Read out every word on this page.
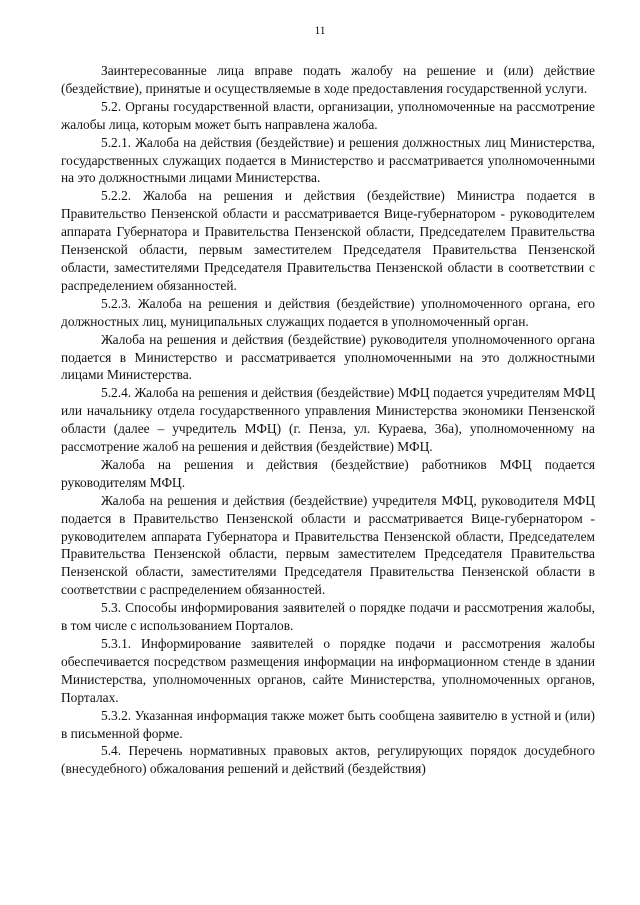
11

Заинтересованные лица вправе подать жалобу на решение и (или) действие (бездействие), принятые и осуществляемые в ходе предоставления государственной услуги.

5.2. Органы государственной власти, организации, уполномоченные на рассмотрение жалобы лица, которым может быть направлена жалоба.

5.2.1. Жалоба на действия (бездействие) и решения должностных лиц Министерства, государственных служащих подается в Министерство и рассматривается уполномоченными на это должностными лицами Министерства.

5.2.2. Жалоба на решения и действия (бездействие) Министра подается в Правительство Пензенской области и рассматривается Вице-губернатором - руководителем аппарата Губернатора и Правительства Пензенской области, Председателем Правительства Пензенской области, первым заместителем Председателя Правительства Пензенской области, заместителями Председателя Правительства Пензенской области в соответствии с распределением обязанностей.

5.2.3. Жалоба на решения и действия (бездействие) уполномоченного органа, его должностных лиц, муниципальных служащих подается в уполномоченный орган.

Жалоба на решения и действия (бездействие) руководителя уполномоченного органа подается в Министерство и рассматривается уполномоченными на это должностными лицами Министерства.

5.2.4. Жалоба на решения и действия (бездействие) МФЦ подается учредителям МФЦ или начальнику отдела государственного управления Министерства экономики Пензенской области (далее – учредитель МФЦ) (г. Пенза, ул. Кураева, 36а), уполномоченному на рассмотрение жалоб на решения и действия (бездействие) МФЦ.

Жалоба на решения и действия (бездействие) работников МФЦ подается руководителям МФЦ.

Жалоба на решения и действия (бездействие) учредителя МФЦ, руководителя МФЦ подается в Правительство Пензенской области и рассматривается Вице-губернатором - руководителем аппарата Губернатора и Правительства Пензенской области, Председателем Правительства Пензенской области, первым заместителем Председателя Правительства Пензенской области, заместителями Председателя Правительства Пензенской области в соответствии с распределением обязанностей.

5.3. Способы информирования заявителей о порядке подачи и рассмотрения жалобы, в том числе с использованием Порталов.

5.3.1. Информирование заявителей о порядке подачи и рассмотрения жалобы обеспечивается посредством размещения информации на информационном стенде в здании Министерства, уполномоченных органов, сайте Министерства, уполномоченных органов, Порталах.

5.3.2. Указанная информация также может быть сообщена заявителю в устной и (или) в письменной форме.

5.4. Перечень нормативных правовых актов, регулирующих порядок досудебного (внесудебного) обжалования решений и действий (бездействия)
